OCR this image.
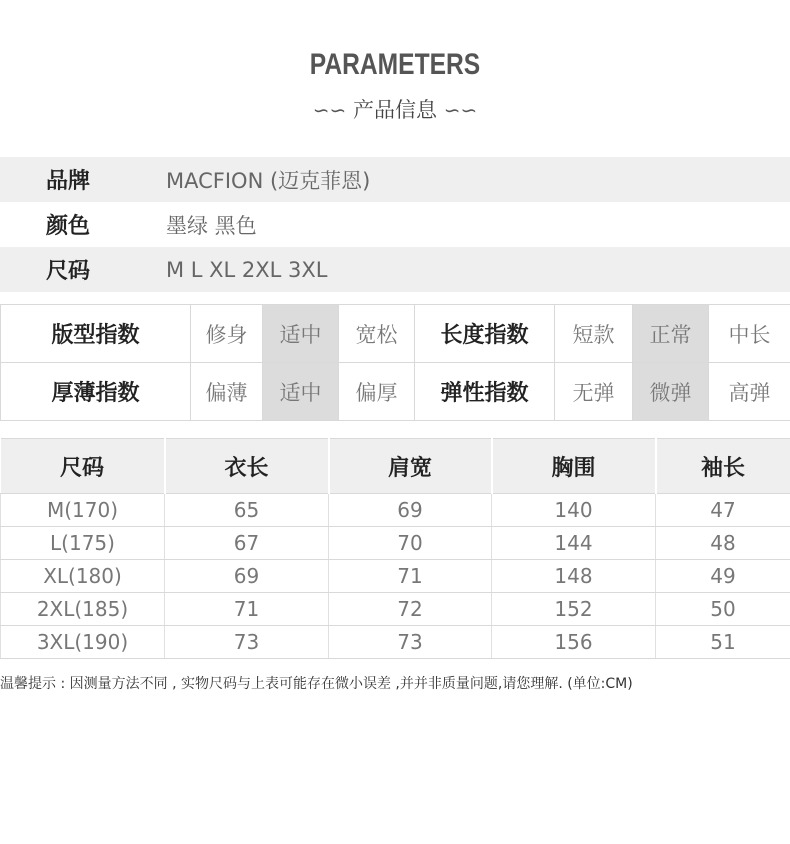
PARAMETERS
∽∽ 产品信息 ∽∽
品牌	MACFION (迈克菲恩)
颜色	墨绿 黑色
尺码	M L XL 2XL 3XL
版型指数	修身	适中	宽松	长度指数	短款	正常	中长
厚薄指数	偏薄	适中	偏厚	弹性指数	无弹	微弹	高弹
尺码	衣长	肩宽	胸围	袖长
M(170)	65	69	140	47
L(175)	67	70	144	48
XL(180)	69	71	148	49
2XL(185)	71	72	152	50
3XL(190)	73	73	156	51
温馨提示 : 因测量方法不同 , 实物尺码与上表可能存在微小误差 ,并并非质量问题,请您理解. (单位:CM)
